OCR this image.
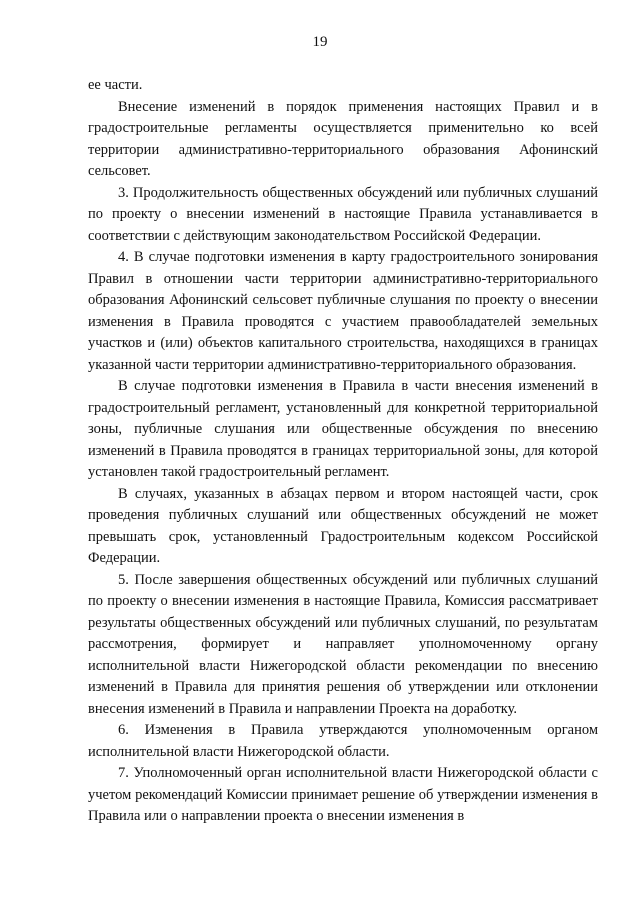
19

ее части.

Внесение изменений в порядок применения настоящих Правил и в градостроительные регламенты осуществляется применительно ко всей территории административно-территориального образования Афонинский сельсовет.

3. Продолжительность общественных обсуждений или публичных слушаний по проекту о внесении изменений в настоящие Правила устанавливается в соответствии с действующим законодательством Российской Федерации.

4. В случае подготовки изменения в карту градостроительного зонирования Правил в отношении части территории административно-территориального образования Афонинский сельсовет публичные слушания по проекту о внесении изменения в Правила проводятся с участием правообладателей земельных участков и (или) объектов капитального строительства, находящихся в границах указанной части территории административно-территориального образования.

В случае подготовки изменения в Правила в части внесения изменений в градостроительный регламент, установленный для конкретной территориальной зоны, публичные слушания или общественные обсуждения по внесению изменений в Правила проводятся в границах территориальной зоны, для которой установлен такой градостроительный регламент.

В случаях, указанных в абзацах первом и втором настоящей части, срок проведения публичных слушаний или общественных обсуждений не может превышать срок, установленный Градостроительным кодексом Российской Федерации.

5. После завершения общественных обсуждений или публичных слушаний по проекту о внесении изменения в настоящие Правила, Комиссия рассматривает результаты общественных обсуждений или публичных слушаний, по результатам рассмотрения, формирует и направляет уполномоченному органу исполнительной власти Нижегородской области рекомендации по внесению изменений в Правила для принятия решения об утверждении или отклонении внесения изменений в Правила и направлении Проекта на доработку.

6. Изменения в Правила утверждаются уполномоченным органом исполнительной власти Нижегородской области.

7. Уполномоченный орган исполнительной власти Нижегородской области с учетом рекомендаций Комиссии принимает решение об утверждении изменения в Правила или о направлении проекта о внесении изменения в
